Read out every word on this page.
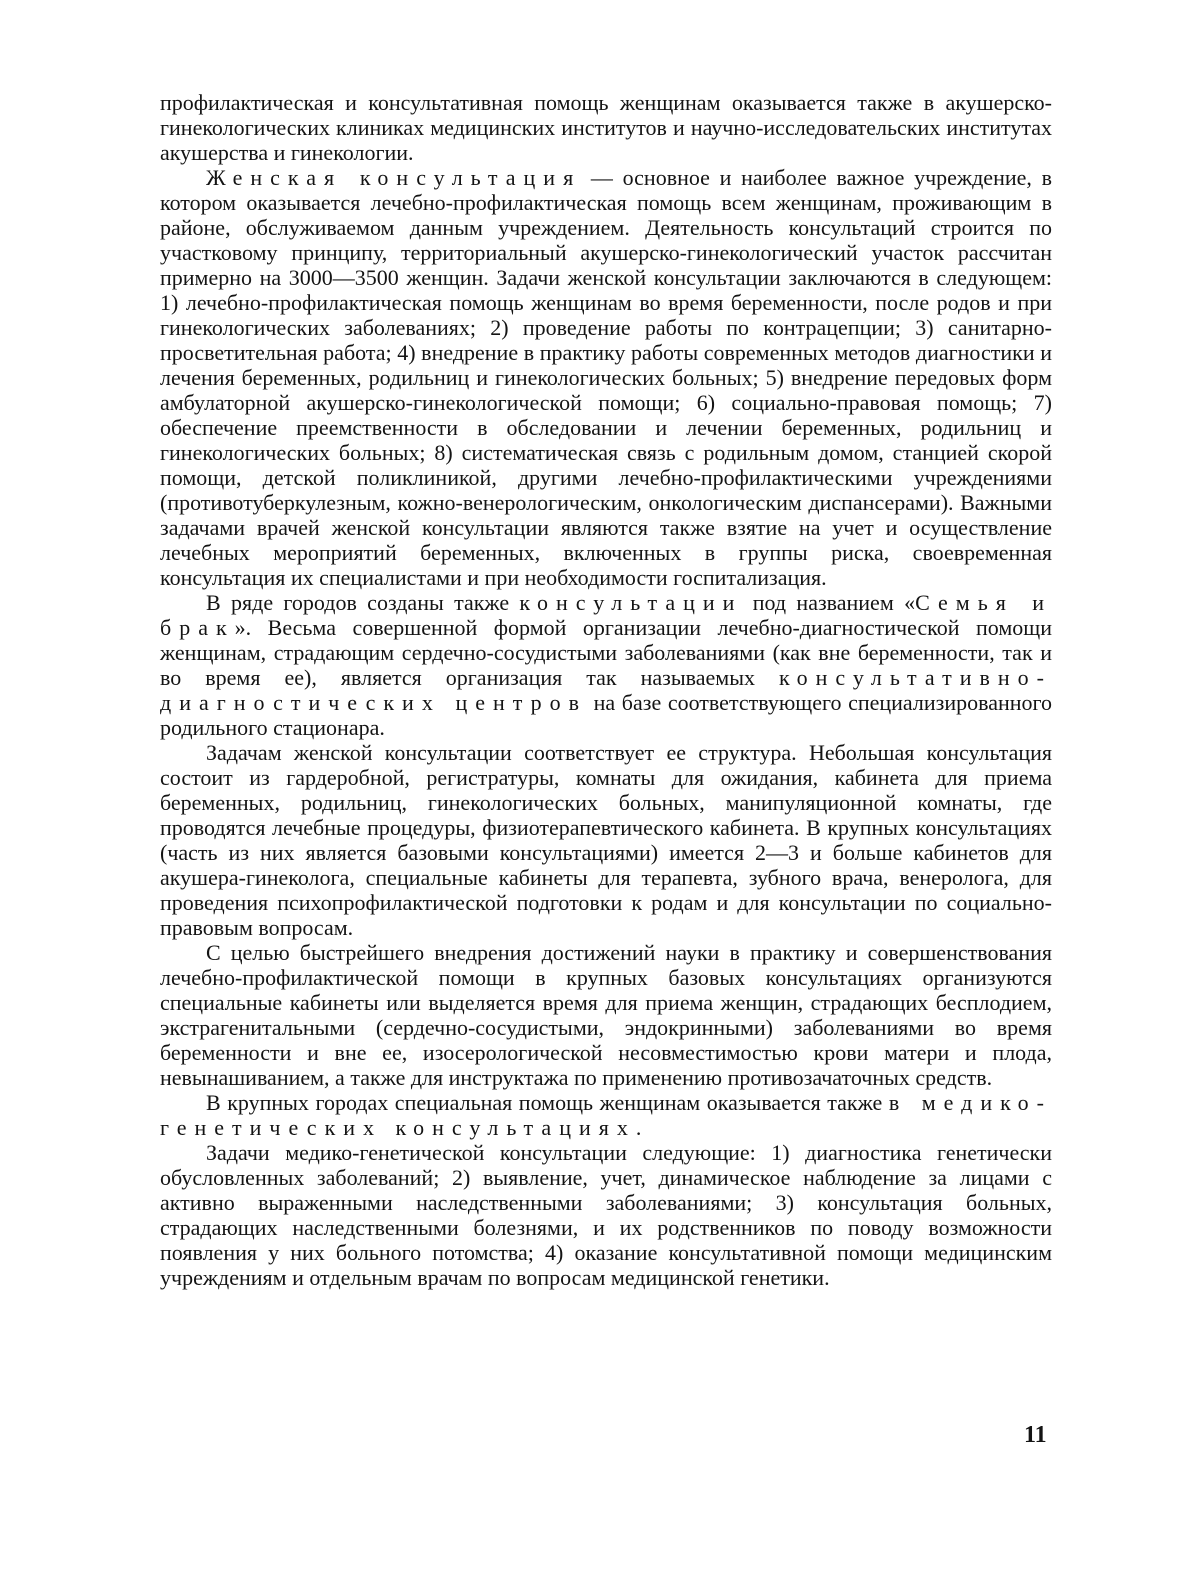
профилактическая и консультативная помощь женщинам оказывается также в акушерско-гинекологических клиниках медицинских институтов и научно-исследовательских институтах акушерства и гинекологии.

Женская консультация — основное и наиболее важное учреждение, в котором оказывается лечебно-профилактическая помощь всем женщинам, проживающим в районе, обслуживаемом данным учреждением. Деятельность консультаций строится по участковому принципу, территориальный акушерско-гинекологический участок рассчитан примерно на 3000—3500 женщин. Задачи женской консультации заключаются в следующем: 1) лечебно-профилактическая помощь женщинам во время беременности, после родов и при гинекологических заболеваниях; 2) проведение работы по контрацепции; 3) санитарно-просветительная работа; 4) внедрение в практику работы современных методов диагностики и лечения беременных, родильниц и гинекологических больных; 5) внедрение передовых форм амбулаторной акушерско-гинекологической помощи; 6) социально-правовая помощь; 7) обеспечение преемственности в обследовании и лечении беременных, родильниц и гинекологических больных; 8) систематическая связь с родильным домом, станцией скорой помощи, детской поликлиникой, другими лечебно-профилактическими учреждениями (противотуберкулезным, кожно-венерологическим, онкологическим диспансерами). Важными задачами врачей женской консультации являются также взятие на учет и осуществление лечебных мероприятий беременных, включенных в группы риска, своевременная консультация их специалистами и при необходимости госпитализация.

В ряде городов созданы также консультации под названием «Семья и брак». Весьма совершенной формой организации лечебно-диагностической помощи женщинам, страдающим сердечно-сосудистыми заболеваниями (как вне беременности, так и во время ее), является организация так называемых консультативно-диагностических центров на базе соответствующего специализированного родильного стационара.

Задачам женской консультации соответствует ее структура. Небольшая консультация состоит из гардеробной, регистратуры, комнаты для ожидания, кабинета для приема беременных, родильниц, гинекологических больных, манипуляционной комнаты, где проводятся лечебные процедуры, физиотерапевтического кабинета. В крупных консультациях (часть из них является базовыми консультациями) имеется 2—3 и больше кабинетов для акушера-гинеколога, специальные кабинеты для терапевта, зубного врача, венеролога, для проведения психопрофилактической подготовки к родам и для консультации по социально-правовым вопросам.

С целью быстрейшего внедрения достижений науки в практику и совершенствования лечебно-профилактической помощи в крупных базовых консультациях организуются специальные кабинеты или выделяется время для приема женщин, страдающих бесплодием, экстрагенитальными (сердечно-сосудистыми, эндокринными) заболеваниями во время беременности и вне ее, изосерологической несовместимостью крови матери и плода, невынашиванием, а также для инструктажа по применению противозачаточных средств.

В крупных городах специальная помощь женщинам оказывается также в медико-генетических консультациях.

Задачи медико-генетической консультации следующие: 1) диагностика генетически обусловленных заболеваний; 2) выявление, учет, динамическое наблюдение за лицами с активно выраженными наследственными заболеваниями; 3) консультация больных, страдающих наследственными болезнями, и их родственников по поводу возможности появления у них больного потомства; 4) оказание консультативной помощи медицинским учреждениям и отдельным врачам по вопросам медицинской генетики.

11
